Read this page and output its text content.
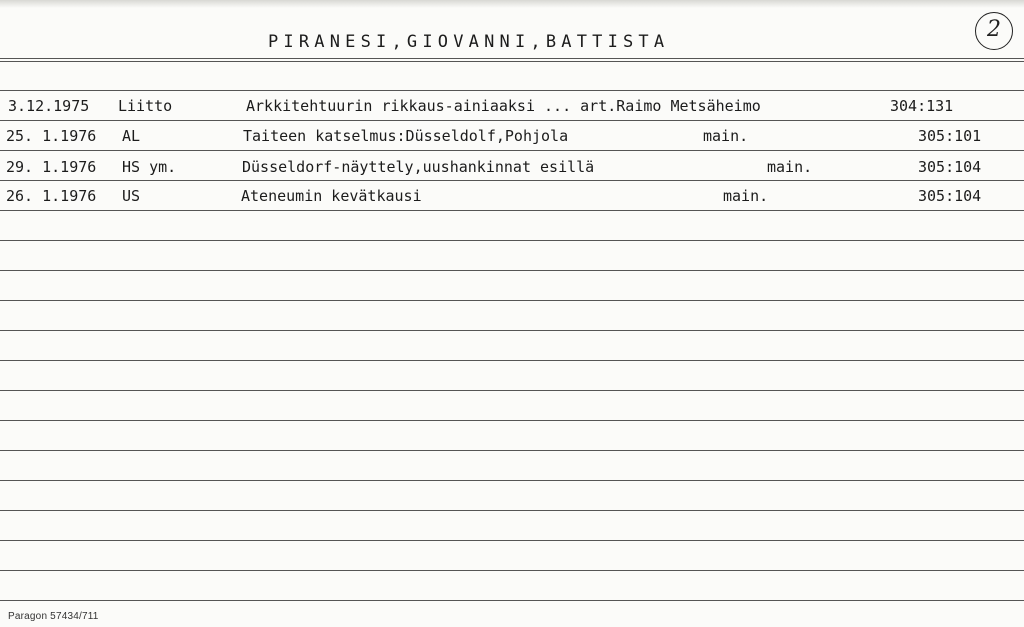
PIRANESI,GIOVANNI,BATTISTA	2
3.12.1975 Liitto	Arkkitehtuurin rikkaus-ainiaaksi ... art.Raimo Metsäheimo	304:131
25. 1.1976 AL	Taiteen katselmus:Düsseldolf,Pohjola	main.	305:101
29. 1.1976 HS ym.	Düsseldorf-näyttely,uushankinnat esillä	main.	305:104
26. 1.1976 US	Ateneumin kevätkausi	main.	305:104
Paragon 57434/711
